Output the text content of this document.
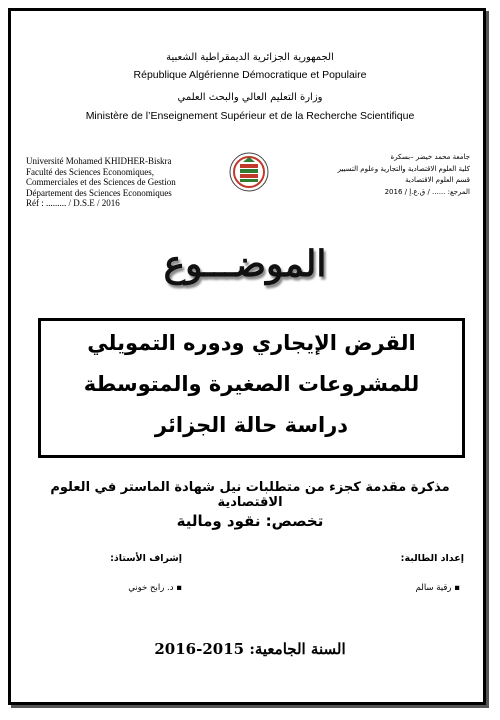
الجمهورية الجزائرية الديمقراطية الشعبية
République Algérienne Démocratique et Populaire
وزارة التعليم العالي والبحث العلمي
Ministère de l’Enseignement Supérieur et de la Recherche Scientifique
Université Mohamed KHIDHER-Biskra
Faculté des Sciences Economiques,
Commerciales et des Sciences de Gestion
Département des Sciences Economiques
Réf : ......... / D.S.E / 2016
جامعة محمد خيضر –بسكرة
كلية العلوم الاقتصادية والتجارية وعلوم التسيير
قسم العلوم الاقتصادية
المرجع: ...... / ق.ع.إ / 2016
الموضـــوع
القرض الإيجاري ودوره التمويلي
للمشروعات الصغيرة والمتوسطة
دراسة حالة الجزائر
مذكرة مقدمة كجزء من متطلبات نيل شهادة الماستر في العلوم الاقتصادية
تخصص: نقود ومالية
إعداد الطالبة:
▪ رقية سالم
إشراف الأستاذ:
▪ د. رابح خوني
السنة الجامعية: 2015-2016
